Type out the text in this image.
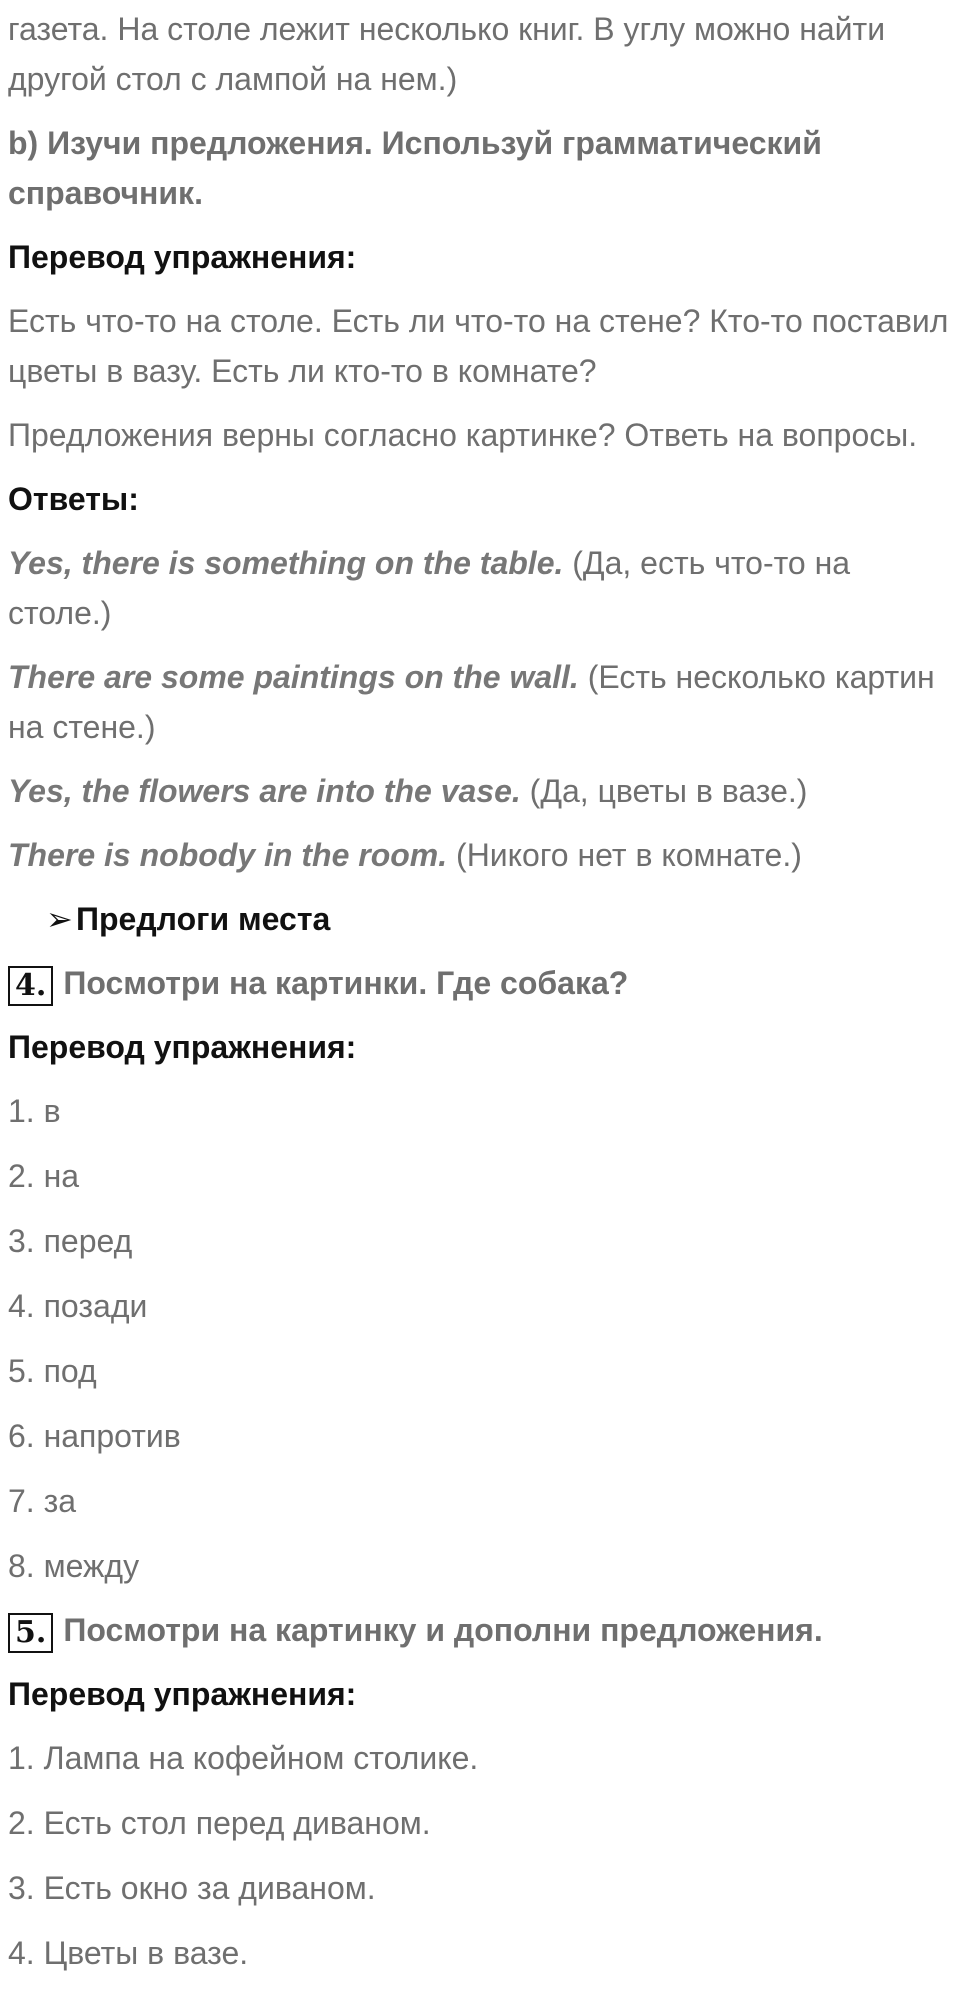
газета. На столе лежит несколько книг. В углу можно найти другой стол с лампой на нем.)

b) Изучи предложения. Используй грамматический справочник.

Перевод упражнения:

Есть что-то на столе. Есть ли что-то на стене? Кто-то поставил цветы в вазу. Есть ли кто-то в комнате?

Предложения верны согласно картинке? Ответь на вопросы.

Ответы:

Yes, there is something on the table. (Да, есть что-то на столе.)

There are some paintings on the wall. (Есть несколько картин на стене.)

Yes, the flowers are into the vase. (Да, цветы в вазе.)

There is nobody in the room. (Никого нет в комнате.)

➢Предлоги места

4. Посмотри на картинки. Где собака?

Перевод упражнения:

1. в

2. на

3. перед

4. позади

5. под

6. напротив

7. за

8. между

5. Посмотри на картинку и дополни предложения.

Перевод упражнения:

1. Лампа на кофейном столике.

2. Есть стол перед диваном.

3. Есть окно за диваном.

4. Цветы в вазе.
